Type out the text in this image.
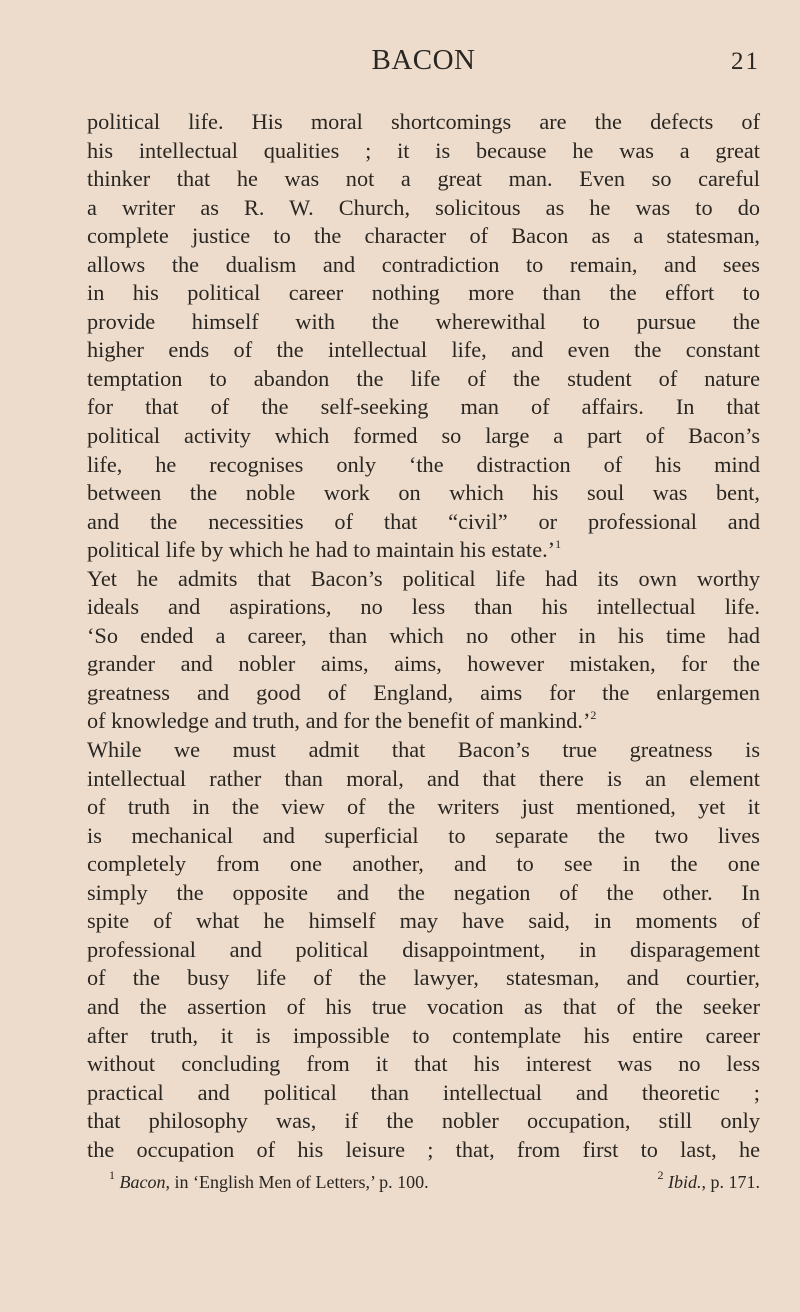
BACON	21
political life. His moral shortcomings are the defects of
his intellectual qualities ; it is because he was a great
thinker that he was not a great man. Even so careful
a writer as R. W. Church, solicitous as he was to do
complete justice to the character of Bacon as a statesman,
allows the dualism and contradiction to remain, and sees
in his political career nothing more than the effort to
provide himself with the wherewithal to pursue the
higher ends of the intellectual life, and even the constant
temptation to abandon the life of the student of nature
for that of the self-seeking man of affairs. In that
political activity which formed so large a part of Bacon’s
life, he recognises only ‘the distraction of his mind
between the noble work on which his soul was bent,
and the necessities of that “civil” or professional and
political life by which he had to maintain his estate.’$^1$
Yet he admits that Bacon’s political life had its own worthy
ideals and aspirations, no less than his intellectual life.
‘So ended a career, than which no other in his time had
grander and nobler aims, aims, however mistaken, for the
greatness and good of England, aims for the enlargemen
of knowledge and truth, and for the benefit of mankind.’$^2$
While we must admit that Bacon’s true greatness is
intellectual rather than moral, and that there is an element
of truth in the view of the writers just mentioned, yet it
is mechanical and superficial to separate the two lives
completely from one another, and to see in the one
simply the opposite and the negation of the other. In
spite of what he himself may have said, in moments of
professional and political disappointment, in disparagement
of the busy life of the lawyer, statesman, and courtier,
and the assertion of his true vocation as that of the seeker
after truth, it is impossible to contemplate his entire career
without concluding from it that his interest was no less
practical and political than intellectual and theoretic ;
that philosophy was, if the nobler occupation, still only
the occupation of his leisure ; that, from first to last, he
$^1$ Bacon, in ‘English Men of Letters,’ p. 100.	$^2$ Ibid., p. 171.
